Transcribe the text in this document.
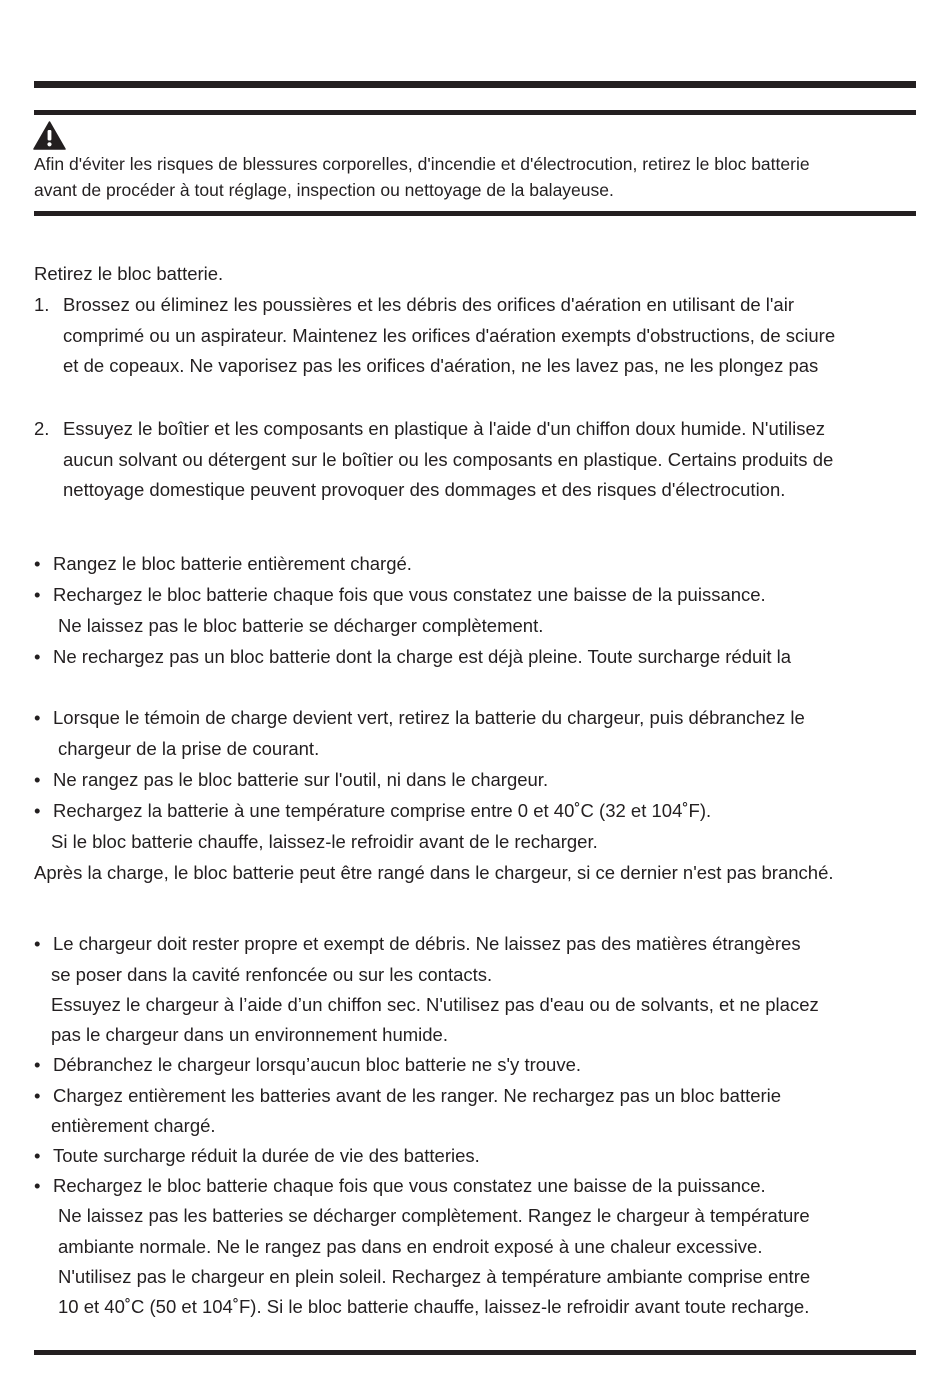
Afin d'éviter les risques de blessures corporelles, d'incendie et d'électrocution, retirez le bloc batterie
avant de procéder à tout réglage, inspection ou nettoyage de la balayeuse.
Retirez le bloc batterie.
1. Brossez ou éliminez les poussières et les débris des orifices d'aération en utilisant de l'air
comprimé ou un aspirateur. Maintenez les orifices d'aération exempts d'obstructions, de sciure
et de copeaux. Ne vaporisez pas les orifices d'aération, ne les lavez pas, ne les plongez pas
2. Essuyez le boîtier et les composants en plastique à l'aide d'un chiffon doux humide. N'utilisez
aucun solvant ou détergent sur le boîtier ou les composants en plastique. Certains produits de
nettoyage domestique peuvent provoquer des dommages et des risques d'électrocution.
• Rangez le bloc batterie entièrement chargé.
• Rechargez le bloc batterie chaque fois que vous constatez une baisse de la puissance.
Ne laissez pas le bloc batterie se décharger complètement.
• Ne rechargez pas un bloc batterie dont la charge est déjà pleine. Toute surcharge réduit la
• Lorsque le témoin de charge devient vert, retirez la batterie du chargeur, puis débranchez le
chargeur de la prise de courant.
• Ne rangez pas le bloc batterie sur l'outil, ni dans le chargeur.
• Rechargez la batterie à une température comprise entre 0 et 40˚C (32 et 104˚F).
Si le bloc batterie chauffe, laissez-le refroidir avant de le recharger.
Après la charge, le bloc batterie peut être rangé dans le chargeur, si ce dernier n'est pas branché.
• Le chargeur doit rester propre et exempt de débris. Ne laissez pas des matières étrangères
se poser dans la cavité renfoncée ou sur les contacts.
Essuyez le chargeur à l’aide d’un chiffon sec. N'utilisez pas d'eau ou de solvants, et ne placez
pas le chargeur dans un environnement humide.
• Débranchez le chargeur lorsqu’aucun bloc batterie ne s'y trouve.
• Chargez entièrement les batteries avant de les ranger. Ne rechargez pas un bloc batterie
entièrement chargé.
• Toute surcharge réduit la durée de vie des batteries.
• Rechargez le bloc batterie chaque fois que vous constatez une baisse de la puissance.
Ne laissez pas les batteries se décharger complètement. Rangez le chargeur à température
ambiante normale. Ne le rangez pas dans en endroit exposé à une chaleur excessive.
N'utilisez pas le chargeur en plein soleil. Rechargez à température ambiante comprise entre
10 et 40˚C (50 et 104˚F). Si le bloc batterie chauffe, laissez-le refroidir avant toute recharge.
